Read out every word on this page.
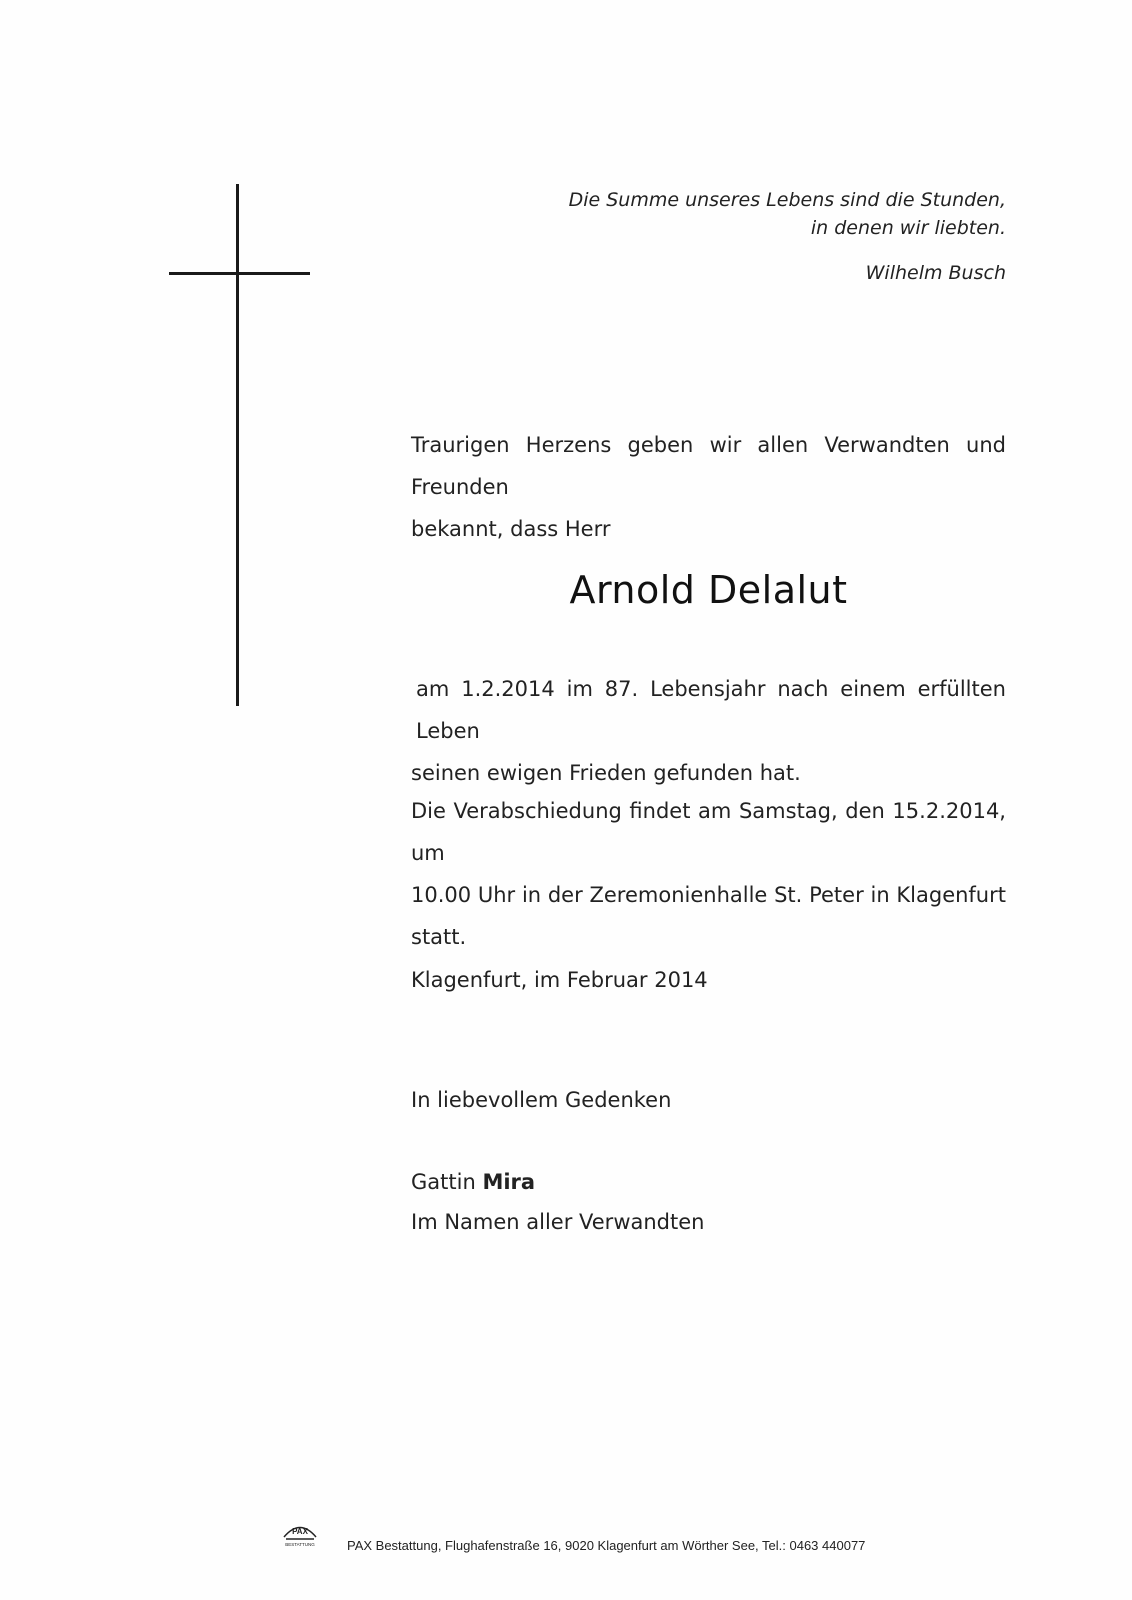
Die Summe unseres Lebens sind die Stunden,
in denen wir liebten.
Wilhelm Busch
Traurigen Herzens geben wir allen Verwandten und Freunden
bekannt, dass Herr
Arnold Delalut
am 1.2.2014 im 87. Lebensjahr nach einem erfüllten Leben
seinen ewigen Frieden gefunden hat.
Die Verabschiedung findet am Samstag, den 15.2.2014, um
10.00 Uhr in der Zeremonienhalle St. Peter in Klagenfurt statt.
Klagenfurt, im Februar 2014
In liebevollem Gedenken
Gattin Mira
Im Namen aller Verwandten
PAX
BESTATTUNG PAX Bestattung, Flughafenstraße 16, 9020 Klagenfurt am Wörther See, Tel.: 0463 440077
